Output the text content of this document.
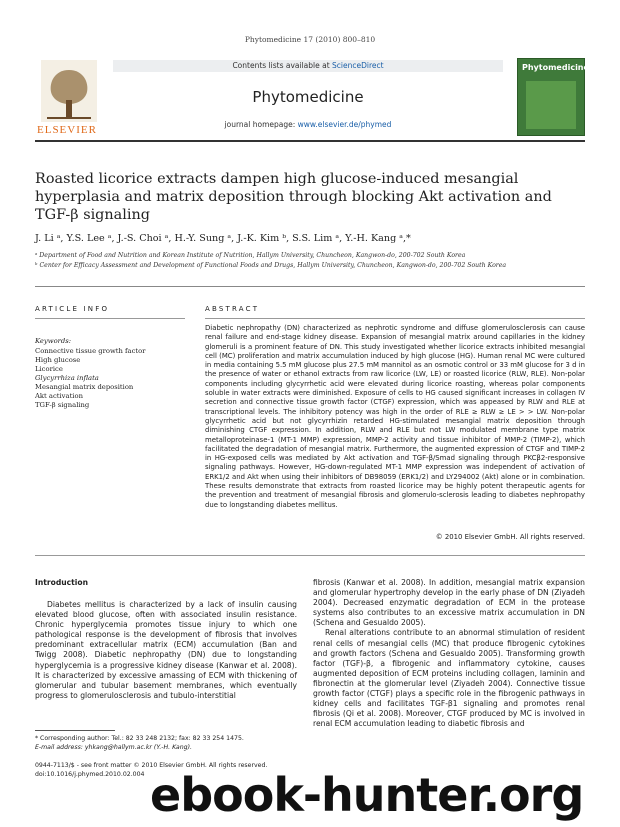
Phytomedicine 17 (2010) 800–810
ELSEVIER
Contents lists available at ScienceDirect
Phytomedicine
journal homepage: www.elsevier.de/phymed
Phytomedicine
Roasted licorice extracts dampen high glucose-induced mesangial hyperplasia and matrix deposition through blocking Akt activation and TGF-β signaling
J. Li ᵃ, Y.S. Lee ᵃ, J.-S. Choi ᵃ, H.-Y. Sung ᵃ, J.-K. Kim ᵇ, S.S. Lim ᵃ, Y.-H. Kang ᵃ,*
ᵃ Department of Food and Nutrition and Korean Institute of Nutrition, Hallym University, Chuncheon, Kangwon-do, 200-702 South Korea
ᵇ Center for Efficacy Assessment and Development of Functional Foods and Drugs, Hallym University, Chuncheon, Kangwon-do, 200-702 South Korea
ARTICLE INFO
Keywords:
Connective tissue growth factor
High glucose
Licorice
Glycyrrhiza inflata
Mesangial matrix deposition
Akt activation
TGF-β signaling
ABSTRACT
Diabetic nephropathy (DN) characterized as nephrotic syndrome and diffuse glomerulosclerosis can cause renal failure and end-stage kidney disease. Expansion of mesangial matrix around capillaries in the kidney glomeruli is a prominent feature of DN. This study investigated whether licorice extracts inhibited mesangial cell (MC) proliferation and matrix accumulation induced by high glucose (HG). Human renal MC were cultured in media containing 5.5 mM glucose plus 27.5 mM mannitol as an osmotic control or 33 mM glucose for 3 d in the presence of water or ethanol extracts from raw licorice (LW, LE) or roasted licorice (RLW, RLE). Non-polar components including glycyrrhetic acid were elevated during licorice roasting, whereas polar components soluble in water extracts were diminished. Exposure of cells to HG caused significant increases in collagen IV secretion and connective tissue growth factor (CTGF) expression, which was appeased by RLW and RLE at transcriptional levels. The inhibitory potency was high in the order of RLE ≥ RLW ≥ LE > > LW. Non-polar glycyrrhetic acid but not glycyrrhizin retarded HG-stimulated mesangial matrix deposition through diminishing CTGF expression. In addition, RLW and RLE but not LW modulated membrane type matrix metalloproteinase-1 (MT-1 MMP) expression, MMP-2 activity and tissue inhibitor of MMP-2 (TIMP-2), which facilitated the degradation of mesangial matrix. Furthermore, the augmented expression of CTGF and TIMP-2 in HG-exposed cells was mediated by Akt activation and TGF-β/Smad signaling through PKCβ2-responsive signaling pathways. However, HG-down-regulated MT-1 MMP expression was independent of activation of ERK1/2 and Akt when using their inhibitors of DB98059 (ERK1/2) and LY294002 (Akt) alone or in combination. These results demonstrate that extracts from roasted licorice may be highly potent therapeutic agents for the prevention and treatment of mesangial fibrosis and glomerulo-sclerosis leading to diabetes nephropathy due to longstanding diabetes mellitus.
© 2010 Elsevier GmbH. All rights reserved.
Introduction

Diabetes mellitus is characterized by a lack of insulin causing elevated blood glucose, often with associated insulin resistance. Chronic hyperglycemia promotes tissue injury to which one pathological response is the development of fibrosis that involves predominant extracellular matrix (ECM) accumulation (Ban and Twigg 2008). Diabetic nephropathy (DN) due to longstanding hyperglycemia is a progressive kidney disease (Kanwar et al. 2008). It is characterized by excessive amassing of ECM with thickening of glomerular and tubular basement membranes, which eventually progress to glomerulosclerosis and tubulo-interstitial

fibrosis (Kanwar et al. 2008). In addition, mesangial matrix expansion and glomerular hypertrophy develop in the early phase of DN (Ziyadeh 2004). Decreased enzymatic degradation of ECM in the protease systems also contributes to an excessive matrix accumulation in DN (Schena and Gesualdo 2005).

Renal alterations contribute to an abnormal stimulation of resident renal cells of mesangial cells (MC) that produce fibrogenic cytokines and growth factors (Schena and Gesualdo 2005). Transforming growth factor (TGF)-β, a fibrogenic and inflammatory cytokine, causes augmented deposition of ECM proteins including collagen, laminin and fibronectin at the glomerular level (Ziyadeh 2004). Connective tissue growth factor (CTGF) plays a specific role in the fibrogenic pathways in kidney cells and facilitates TGF-β1 signaling and promotes renal fibrosis (Qi et al. 2008). Moreover, CTGF produced by MC is involved in renal ECM accumulation leading to diabetic fibrosis and

* Corresponding author: Tel.: 82 33 248 2132; fax: 82 33 254 1475.
E-mail address: yhkang@hallym.ac.kr (Y.-H. Kang).
0944-7113/$ - see front matter © 2010 Elsevier GmbH. All rights reserved.
doi:10.1016/j.phymed.2010.02.004 ebook-hunter.org
